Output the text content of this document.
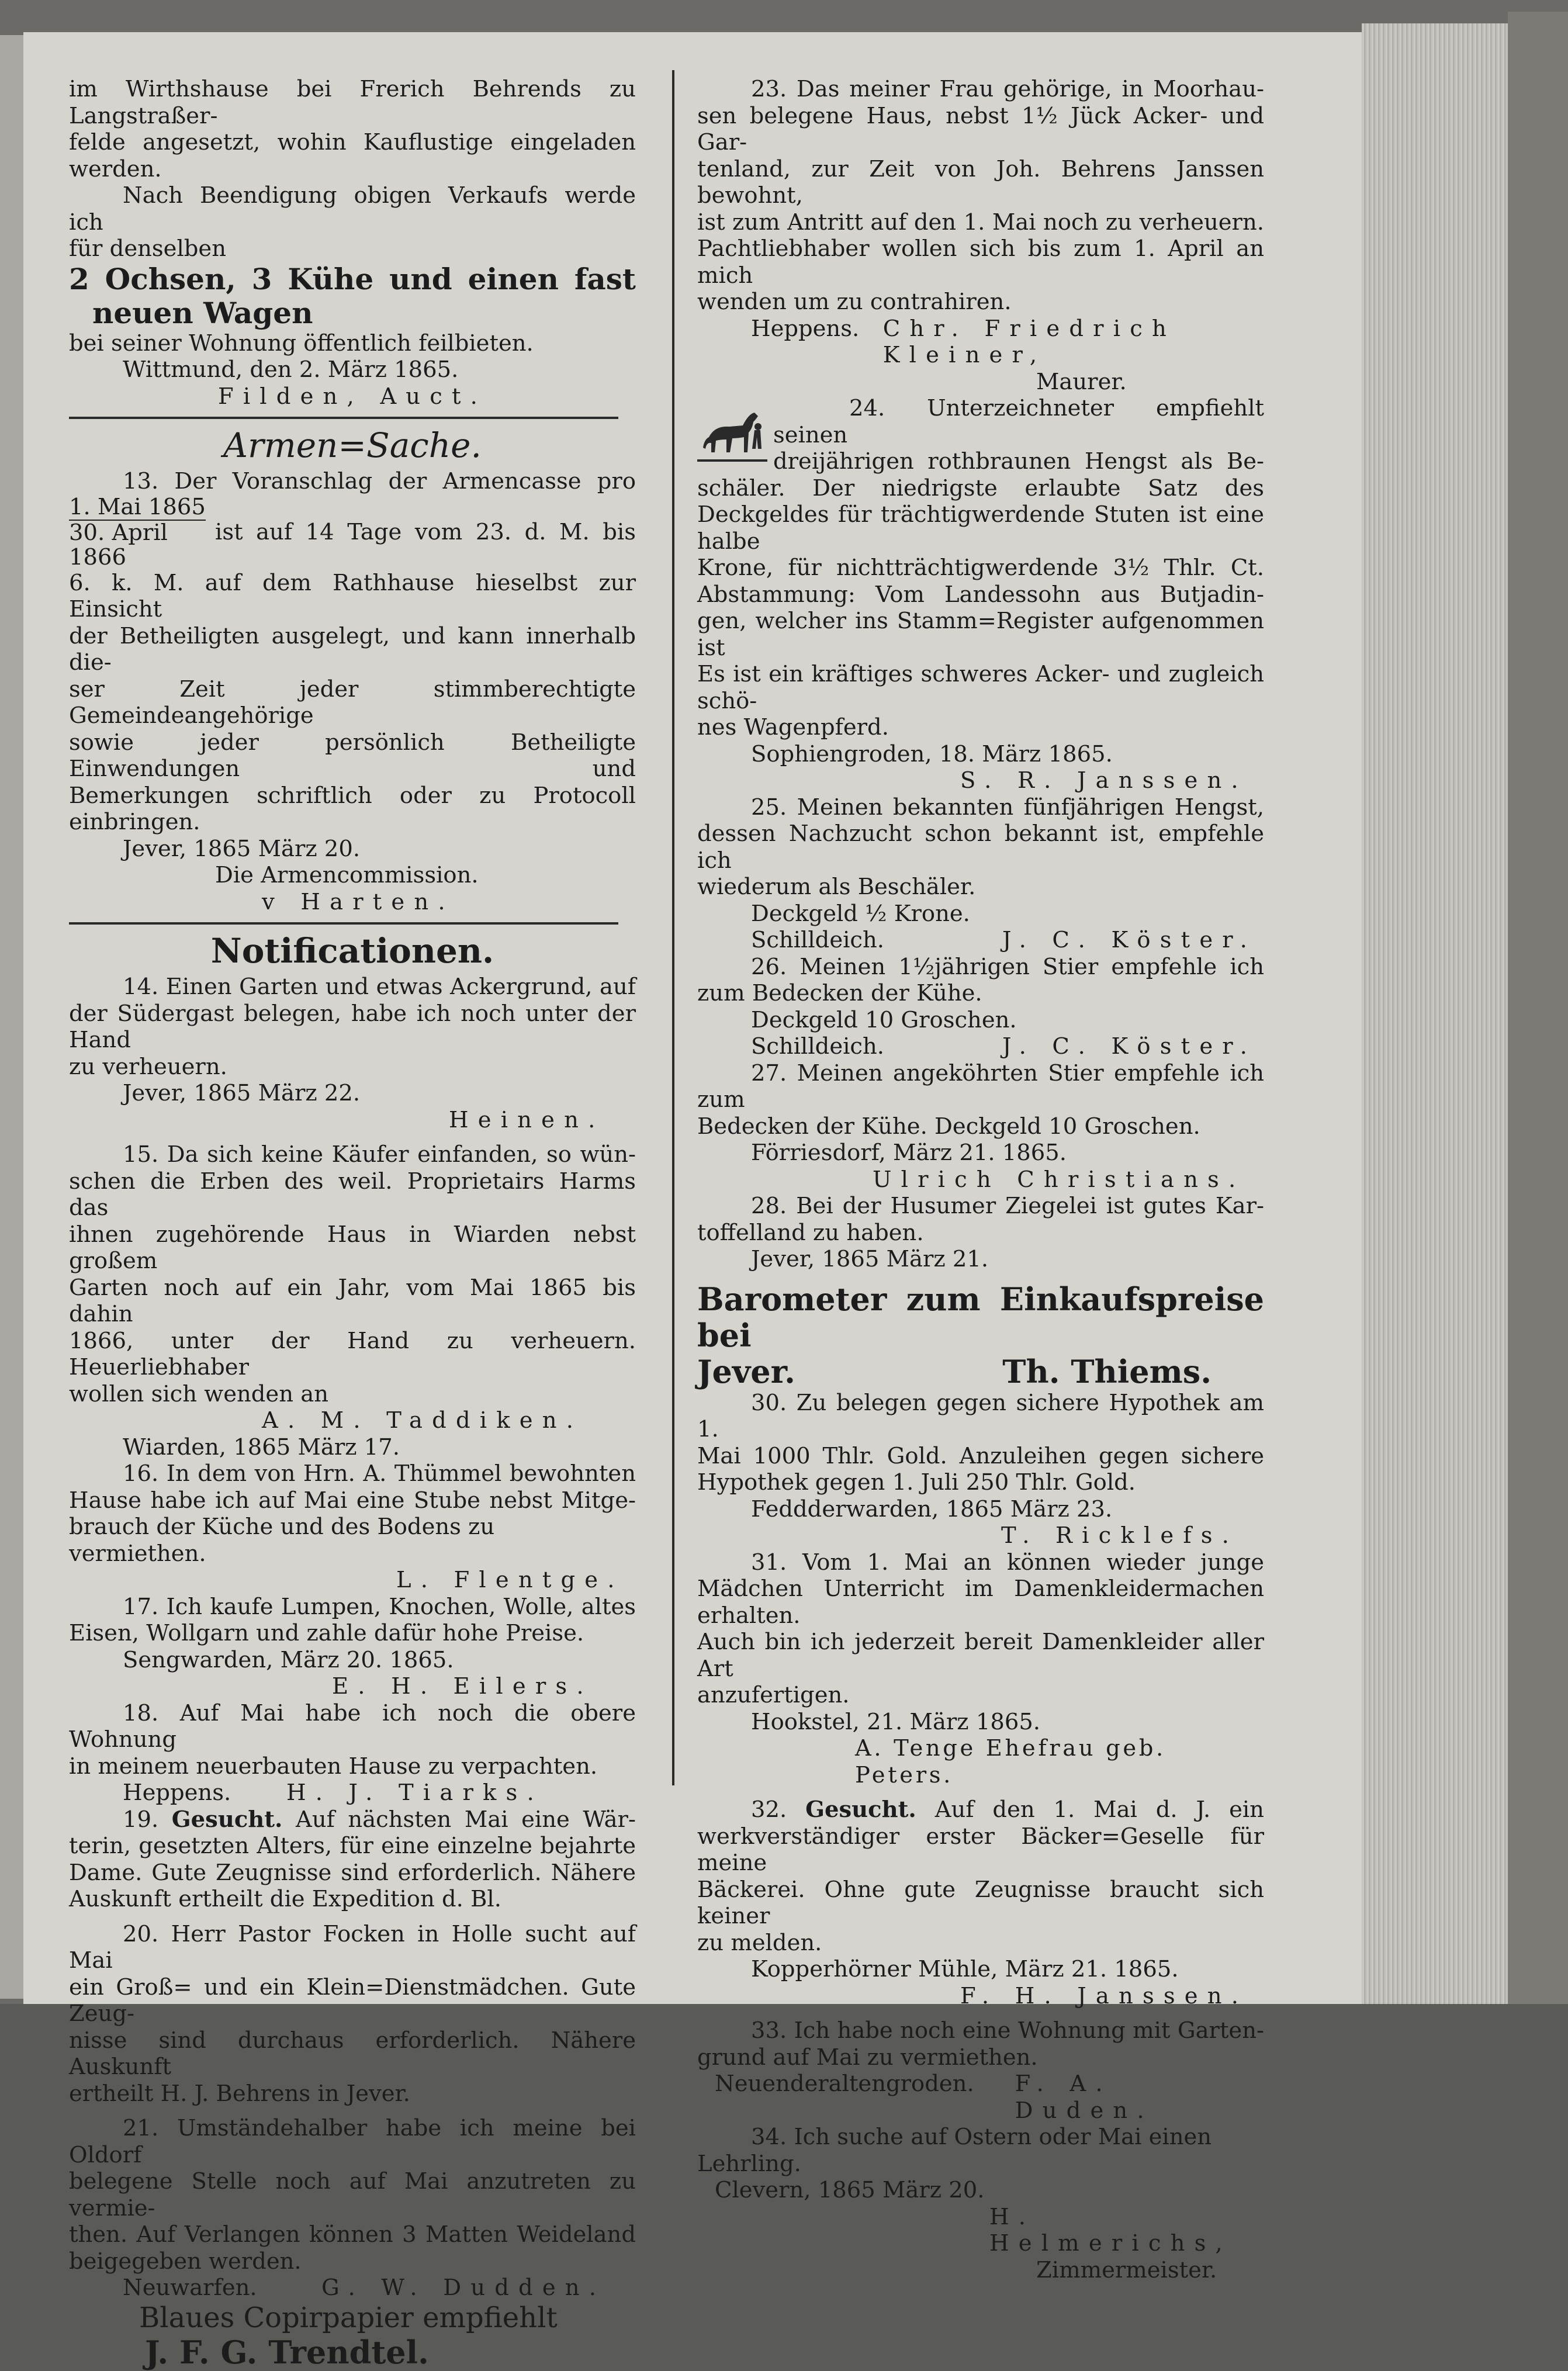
im Wirthshause bei Frerich Behrends zu Langstraßer-

felde angesetzt, wohin Kauflustige eingeladen werden.

Nach Beendigung obigen Verkaufs werde ich

für denselben

2 Ochsen, 3 Kühe und einen fast

neuen Wagen

bei seiner Wohnung öffentlich feilbieten.

Wittmund, den 2. März 1865.

Filden, Auct.

Armen=Sache.

13. Der Voranschlag der Armencasse pro

1. Mai 1865
30. April 1866

ist auf 14 Tage vom 23. d. M. bis

6. k. M. auf dem Rathhause hieselbst zur Einsicht

der Betheiligten ausgelegt, und kann innerhalb die-

ser Zeit jeder stimmberechtigte Gemeindeangehörige

sowie jeder persönlich Betheiligte Einwendungen und

Bemerkungen schriftlich oder zu Protocoll einbringen.

Jever, 1865 März 20.

Die Armencommission.

v Harten.

Notificationen.

14. Einen Garten und etwas Ackergrund, auf

der Südergast belegen, habe ich noch unter der Hand

zu verheuern.

Jever, 1865 März 22.

Heinen.

15. Da sich keine Käufer einfanden, so wün-

schen die Erben des weil. Proprietairs Harms das

ihnen zugehörende Haus in Wiarden nebst großem

Garten noch auf ein Jahr, vom Mai 1865 bis dahin

1866, unter der Hand zu verheuern. Heuerliebhaber

wollen sich wenden an

A. M. Taddiken.

Wiarden, 1865 März 17.

16. In dem von Hrn. A. Thümmel bewohnten

Hause habe ich auf Mai eine Stube nebst Mitge-

brauch der Küche und des Bodens zu vermiethen.

L. Flentge.

17. Ich kaufe Lumpen, Knochen, Wolle, altes

Eisen, Wollgarn und zahle dafür hohe Preise.

Sengwarden, März 20. 1865.

E. H. Eilers.

18. Auf Mai habe ich noch die obere Wohnung

in meinem neuerbauten Hause zu verpachten.

Heppens.	H. J. Tiarks.

19. Gesucht. Auf nächsten Mai eine Wär-

terin, gesetzten Alters, für eine einzelne bejahrte

Dame. Gute Zeugnisse sind erforderlich. Nähere

Auskunft ertheilt die Expedition d. Bl.

20. Herr Pastor Focken in Holle sucht auf Mai

ein Groß= und ein Klein=Dienstmädchen. Gute Zeug-

nisse sind durchaus erforderlich. Nähere Auskunft

ertheilt H. J. Behrens in Jever.

21. Umständehalber habe ich meine bei Oldorf

belegene Stelle noch auf Mai anzutreten zu vermie-

then. Auf Verlangen können 3 Matten Weideland

beigegeben werden.

Neuwarfen.	G. W. Dudden.

Blaues Copirpapier empfiehlt

J. F. G. Trendtel.

23. Das meiner Frau gehörige, in Moorhau-

sen belegene Haus, nebst 1½ Jück Acker- und Gar-

tenland, zur Zeit von Joh. Behrens Janssen bewohnt,

ist zum Antritt auf den 1. Mai noch zu verheuern.

Pachtliebhaber wollen sich bis zum 1. April an mich

wenden um zu contrahiren.

Heppens.	Chr. Friedrich Kleiner,

Maurer.

24. Unterzeichneter empfiehlt seinen

dreijährigen rothbraunen Hengst als Be-

schäler. Der niedrigste erlaubte Satz des

Deckgeldes für trächtigwerdende Stuten ist eine halbe

Krone, für nichtträchtigwerdende 3½ Thlr. Ct.

Abstammung: Vom Landessohn aus Butjadin-

gen, welcher ins Stamm=Register aufgenommen ist

Es ist ein kräftiges schweres Acker- und zugleich schö-

nes Wagenpferd.

Sophiengroden, 18. März 1865.

S. R. Janssen.

25. Meinen bekannten fünfjährigen Hengst,

dessen Nachzucht schon bekannt ist, empfehle ich

wiederum als Beschäler.

Deckgeld ½ Krone.

Schilldeich.	J. C. Köster.

26. Meinen 1½jährigen Stier empfehle ich

zum Bedecken der Kühe.

Deckgeld 10 Groschen.

Schilldeich.	J. C. Köster.

27. Meinen angeköhrten Stier empfehle ich zum

Bedecken der Kühe. Deckgeld 10 Groschen.

Förriesdorf, März 21. 1865.

Ulrich Christians.

28. Bei der Husumer Ziegelei ist gutes Kar-

toffelland zu haben.

Jever, 1865 März 21.

Barometer zum Einkaufspreise bei

Jever.	Th. Thiems.

30. Zu belegen gegen sichere Hypothek am 1.

Mai 1000 Thlr. Gold. Anzuleihen gegen sichere

Hypothek gegen 1. Juli 250 Thlr. Gold.

Feddderwarden, 1865 März 23.

T. Ricklefs.

31. Vom 1. Mai an können wieder junge

Mädchen Unterricht im Damenkleidermachen erhalten.

Auch bin ich jederzeit bereit Damenkleider aller Art

anzufertigen.

Hookstel, 21. März 1865.

A. Tenge Ehefrau geb. Peters.

32. Gesucht. Auf den 1. Mai d. J. ein

werkverständiger erster Bäcker=Geselle für meine

Bäckerei. Ohne gute Zeugnisse braucht sich keiner

zu melden.

Kopperhörner Mühle, März 21. 1865.

F. H. Janssen.

33. Ich habe noch eine Wohnung mit Garten-

grund auf Mai zu vermiethen.

Neuenderaltengroden.	F. A. Duden.

34. Ich suche auf Ostern oder Mai einen Lehrling.

Clevern, 1865 März 20.

H. Helmerichs,

Zimmermeister.
